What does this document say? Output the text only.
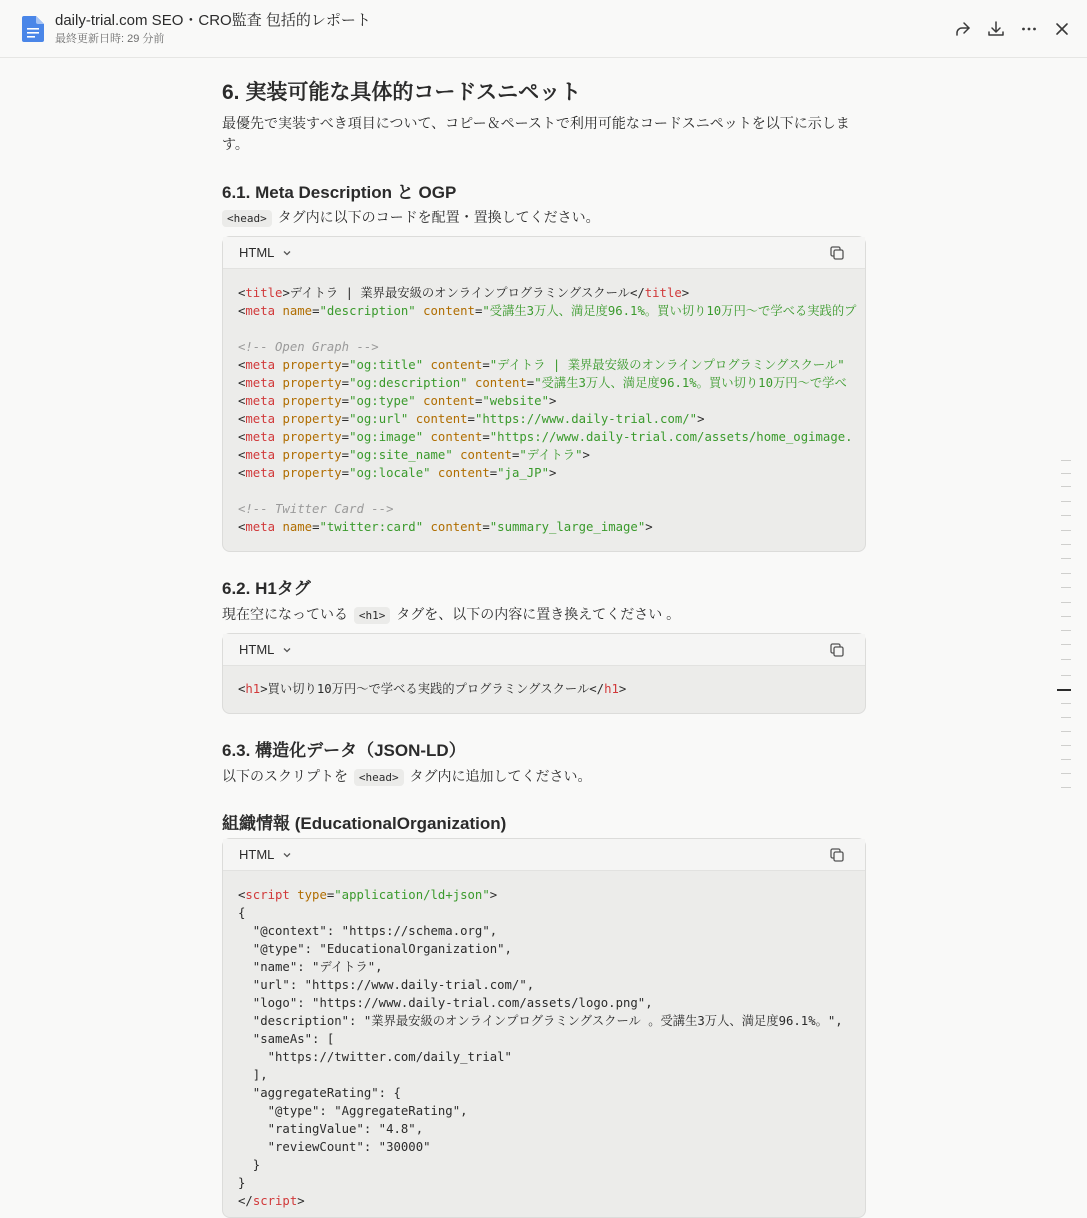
daily-trial.com SEO・CRO監査 包括的レポート
最終更新日時: 29 分前
6. 実装可能な具体的コードスニペット

最優先で実装すべき項目について、コピー＆ペーストで利用可能なコードスニペットを以下に示します。

6.1. Meta Description と OGP

<head> タグ内に以下のコードを配置・置換してください。

HTML
<title>デイトラ | 業界最安級のオンラインプログラミングスクール</title>
<meta name="description" content="受講生3万人、満足度96.1%。買い切り10万円〜で学べる実践的プ

<!-- Open Graph -->
<meta property="og:title" content="デイトラ | 業界最安級のオンラインプログラミングスクール"
<meta property="og:description" content="受講生3万人、満足度96.1%。買い切り10万円〜で学べ
<meta property="og:type" content="website">
<meta property="og:url" content="https://www.daily-trial.com/">
<meta property="og:image" content="https://www.daily-trial.com/assets/home_ogimage.
<meta property="og:site_name" content="デイトラ">
<meta property="og:locale" content="ja_JP">

<!-- Twitter Card -->
<meta name="twitter:card" content="summary_large_image">
6.2. H1タグ

現在空になっている <h1> タグを、以下の内容に置き換えてください 。

HTML
<h1>買い切り10万円〜で学べる実践的プログラミングスクール</h1>
6.3. 構造化データ（JSON-LD）

以下のスクリプトを <head> タグ内に追加してください。

組織情報 (EducationalOrganization)
HTML
<script type="application/ld+json">
{
"@context": "https://schema.org",
"@type": "EducationalOrganization",
"name": "デイトラ",
"url": "https://www.daily-trial.com/",
"logo": "https://www.daily-trial.com/assets/logo.png",
"description": "業界最安級のオンラインプログラミングスクール 。受講生3万人、満足度96.1%。",
"sameAs": [
"https://twitter.com/daily_trial"
],
"aggregateRating": {
"@type": "AggregateRating",
"ratingValue": "4.8",
"reviewCount": "30000"
}
}
</script>
